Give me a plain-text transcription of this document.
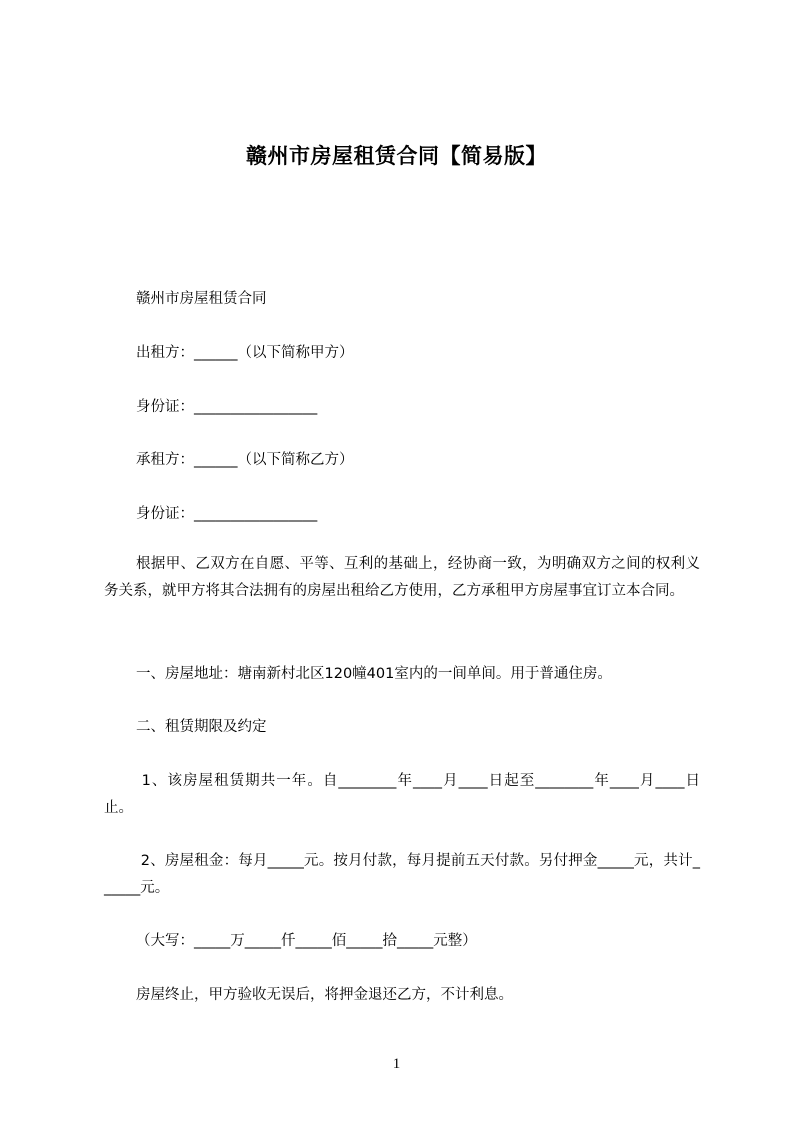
赣州市房屋租赁合同【简易版】
赣州市房屋租赁合同
出租方：______（以下简称甲方）
身份证：_________________
承租方：______（以下简称乙方）
身份证：_________________
根据甲、乙双方在自愿、平等、互利的基础上，经协商一致，为明确双方之间的权利义务关系，就甲方将其合法拥有的房屋出租给乙方使用，乙方承租甲方房屋事宜订立本合同。
一、房屋地址：塘南新村北区120幢401室内的一间单间。用于普通住房。
二、租赁期限及约定
1、该房屋租赁期共一年。自________年____月____日起至________年____月____日止。
2、房屋租金：每月_____元。按月付款，每月提前五天付款。另付押金_____元，共计______元。
（大写：_____万_____仟_____佰_____拾_____元整）
房屋终止，甲方验收无误后，将押金退还乙方，不计利息。
1
